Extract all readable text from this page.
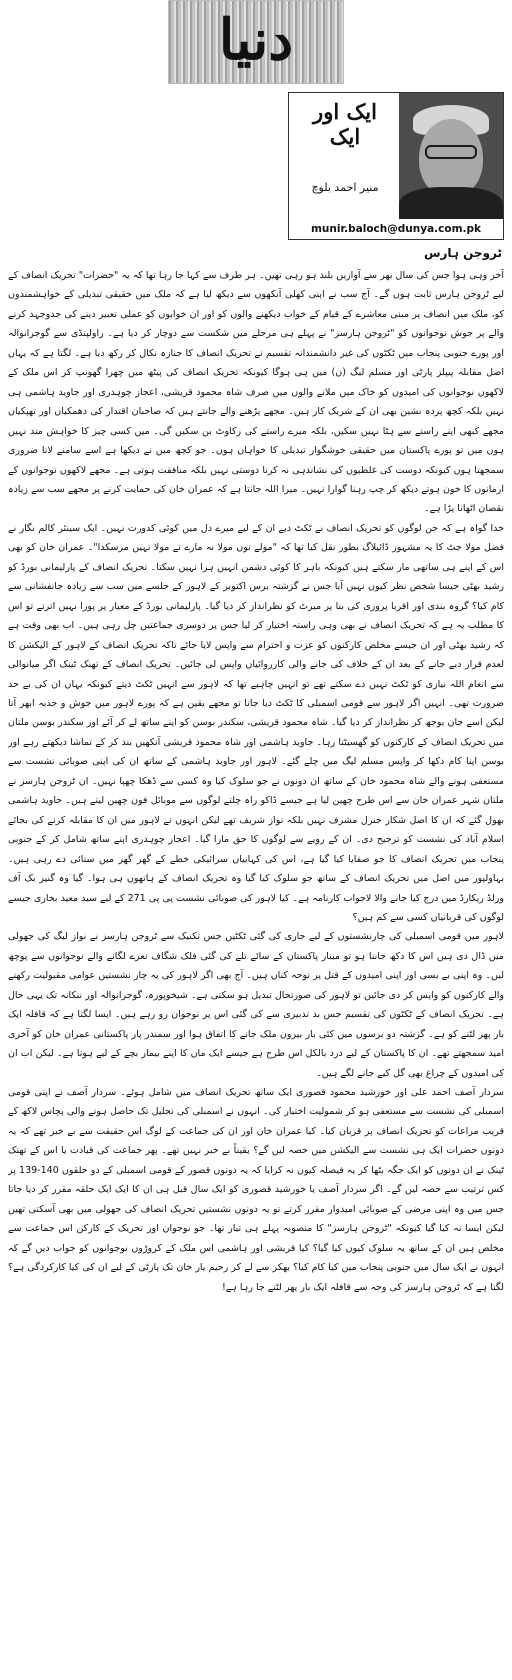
دنیا
ایک اور ایک
منیر احمد بلوچ
munir.baloch@dunya.com.pk
ٹروجن ہارس

آخر وہی ہوا جس کی سال بھر سے آوازیں بلند ہو رہی تھیں۔ ہر طرف سے کہا جا رہا تھا کہ یہ "حضرات" تحریک انصاف کے لیے ٹروجن ہارس ثابت ہوں گے۔ آج سب نے اپنی کھلی آنکھوں سے دیکھ لیا ہے کہ ملک میں حقیقی تبدیلی کے خواہشمندوں کو، ملک میں انصاف پر مبنی معاشرے کے قیام کے خواب دیکھنے والوں کو اور ان خوابوں کو عملی تعبیر دینے کی جدوجہد کرنے والے پر جوش نوجوانوں کو "ٹروجن ہارسز" نے پہلے ہی مرحلے میں شکست سے دوچار کر دیا ہے۔ راولپنڈی سے گوجرانوالہ اور پورے جنوبی پنجاب میں ٹکٹوں کی غیر دانشمندانہ تقسیم نے تحریک انصاف کا جنازہ نکال کر رکھ دیا ہے۔ لگتا ہے کہ یہاں اصل مقابلہ پیپلز پارٹی اور مسلم لیگ (ن) میں ہی ہوگا کیونکہ تحریک انصاف کی پیٹھ میں چھرا گھونپ کر اس ملک کے لاکھوں نوجوانوں کی امیدوں کو خاک میں ملانے والوں میں صرف شاہ محمود قریشی، اعجاز چوہدری اور جاوید ہاشمی ہی نہیں بلکہ کچھ پردہ نشین بھی ان کے شریک کار ہیں۔ مجھے پڑھنے والے جانتے ہیں کہ صاحبان اقتدار کی دھمکیاں اور تھپکیاں مجھے کبھی اپنے راستے سے ہٹا نہیں سکیں، بلکہ میرے راستے کی رکاوٹ بن سکیں گی۔ میں کسی چیز کا خواہش مند نہیں ہوں میں تو پورے پاکستان میں حقیقی خوشگوار تبدیلی کا خواہاں ہوں۔ جو کچھ میں نے دیکھا ہے اسے سامنے لانا ضروری سمجھتا ہوں کیونکہ دوست کی غلطیوں کی نشاندہی نہ کرنا دوستی نہیں بلکہ منافقت ہوتی ہے۔ مجھے لاکھوں نوجوانوں کے ارمانوں کا خون ہوتے دیکھ کر چپ رہنا گوارا نہیں۔ میرا اللہ جانتا ہے کہ عمران خان کی حمایت کرنے پر مجھے سب سے زیادہ نقصان اٹھانا پڑا ہے۔

خدا گواہ ہے کہ جن لوگوں کو تحریک انصاف نے ٹکٹ دیے ان کے لیے میرے دل میں کوئی کدورت نہیں۔ ایک سینئر کالم نگار نے فضل مولا جٹ کا یہ مشہور ڈائیلاگ بطور نقل کیا تھا کہ "مولے نوں مولا نہ مارے تے مولا نہیں مرسکدا"۔ عمران خان کو بھی اس کے اپنے ہی ساتھی مار سکتے ہیں کیونکہ باہر کا کوئی دشمن انہیں ہرا نہیں سکتا۔ تحریک انصاف کے پارلیمانی بورڈ کو رشید بھٹی جیسا شخص نظر کیوں نہیں آیا جس نے گزشتہ برس اکتوبر کے لاہور کے جلسے میں سب سے زیادہ جانفشانی سے کام کیا؟ گروہ بندی اور اقربا پروری کی بنا پر میرٹ کو نظرانداز کر دیا گیا۔ پارلیمانی بورڈ کے معیار پر پورا نہیں اترتے تو اس کا مطلب یہ ہے کہ تحریک انصاف نے بھی وہی راستہ اختیار کر لیا جس پر دوسری جماعتیں چل رہی ہیں۔ اب بھی وقت ہے کہ رشید بھٹی اور ان جیسے مخلص کارکنوں کو عزت و احترام سے واپس لایا جائے تاکہ تحریک انصاف کے لاہور کے الیکشن کا لعدم قرار دیے جانے کے بعد ان کے خلاف کی جانے والی کارروائیاں واپس لی جائیں۔ تحریک انصاف کے تھنک ٹینک اگر میانوالی سے انعام اللہ نیازی کو ٹکٹ نہیں دے سکتے تھے تو انہیں چاہیے تھا کہ لاہور سے انہیں ٹکٹ دیتے کیونکہ یہاں ان کی بے حد ضرورت تھی۔ انہیں اگر لاہور سے قومی اسمبلی کا ٹکٹ دیا جاتا تو مجھے یقین ہے کہ پورے لاہور میں جوش و جذبہ ابھر آتا لیکن اسے جان بوجھ کر نظرانداز کر دیا گیا۔ شاہ محمود قریشی، سکندر بوسن کو اپنے ساتھ لے کر آئے اور سکندر بوسن ملتان میں تحریک انصاف کے کارکنوں کو گھسیٹتا رہا۔ جاوید ہاشمی اور شاہ محمود قریشی آنکھیں بند کر کے تماشا دیکھتے رہے اور بوسن اپنا کام دکھا کر واپس مسلم لیگ میں چلے گئے۔ لاہور اور جاوید ہاشمی کے ساتھ ان کی اپنی صوبائی نشست سے مستعفی ہونے والے شاہ محمود خان کے ساتھ ان دونوں نے جو سلوک کیا وہ کسی سے ڈھکا چھپا نہیں۔ ان ٹروجن ہارسز نے ملتان شہر عمران خان سے اس طرح چھین لیا ہے جیسے ڈاکو راہ چلتے لوگوں سے موبائل فون چھین لیتے ہیں۔ جاوید ہاشمی بھول گئے کہ ان کا اصل شکار جنرل مشرف نہیں بلکہ نواز شریف تھے لیکن انہوں نے لاہور میں ان کا مقابلہ کرنے کی بجائے اسلام آباد کی نشست کو ترجیح دی۔ ان کے رویے سے لوگوں کا حق مارا گیا۔ اعجاز چوہدری اپنے ساتھ شامل کر کے جنوبی پنجاب میں تحریک انصاف کا جو صفایا کیا گیا ہے، اس کی کہانیاں سرائیکی خطے کے گھر گھر میں سنائی دے رہی ہیں۔ بہاولپور میں اصل میں تحریک انصاف کے ساتھ جو سلوک کیا گیا وہ تحریک انصاف کے ہاتھوں ہی ہوا۔ گیا وہ گنیز بک آف ورلڈ ریکارڈ میں درج کیا جانے والا لاجواب کارنامہ ہے۔ کیا لاہور کی صوبائی نشست پی پی 271 کے لیے سید معید بخاری جیسے لوگوں کی قربانیاں کسی سے کم ہیں؟

لاہور میں قومی اسمبلی کی چارنشستوں کے لیے جاری کی گئی ٹکٹیں جس تکنیک سے ٹروجن ہارسز نے نواز لیگ کی جھولی میں ڈال دی ہیں اس کا دکھ جاننا ہو تو مینار پاکستان کے سائے تلے کی گئی فلک شگاف نعرے لگانے والے نوجوانوں سے پوچھ لیں۔ وہ اپنی بے بسی اور اپنی امیدوں کے قتل پر نوحہ کناں ہیں۔ آج بھی اگر لاہور کی یہ چار نشستیں عوامی مقبولیت رکھنے والے کارکنوں کو واپس کر دی جائیں تو لاہور کی صورتحال تبدیل ہو سکتی ہے۔ شیخوپورہ، گوجرانوالہ اور ننکانہ تک یہی حال ہے۔ تحریک انصاف کے ٹکٹوں کی تقسیم جس بد تدبیری سے کی گئی اس پر نوجوان رو رہے ہیں۔ ایسا لگتا ہے کہ قافلہ ایک بار پھر لٹنے کو ہے۔ گزشتہ دو برسوں میں کئی بار بیرون ملک جانے کا اتفاق ہوا اور سمندر پار پاکستانی عمران خان کو آخری امید سمجھتے تھے۔ ان کا پاکستان کے لیے درد بالکل اس طرح ہے جیسے ایک ماں کا اپنے بیمار بچے کے لیے ہوتا ہے۔ لیکن اب ان کی امیدوں کے چراغ بھی گل کیے جانے لگے ہیں۔

سردار آصف احمد علی اور خورشید محمود قصوری ایک ساتھ تحریک انصاف میں شامل ہوئے۔ سردار آصف نے اپنی قومی اسمبلی کی نشست سے مستعفی ہو کر شمولیت اختیار کی۔ انہوں نے اسمبلی کی تحلیل تک حاصل ہونے والی پچاس لاکھ کے قریب مراعات کو تحریک انصاف پر قربان کیا۔ کیا عمران خان اور ان کی جماعت کے لوگ اس حقیقت سے بے خبر تھے کہ یہ دونوں حضرات ایک ہی نشست سے الیکشن میں حصہ لیں گے؟ یقیناً بے خبر نہیں تھے۔ پھر جماعت کی قیادت یا اس کے تھنک ٹینک نے ان دونوں کو ایک جگہ بٹھا کر یہ فیصلہ کیوں نہ کرایا کہ یہ دونوں قصور کے قومی اسمبلی کے دو حلقوں 140-139 پر کس ترتیب سے حصہ لیں گے۔ اگر سردار آصف یا خورشید قصوری کو ایک سال قبل ہی ان کا ایک ایک حلقہ مقرر کر دیا جاتا جس میں وہ اپنی مرضی کے صوبائی امیدوار مقرر کرتے تو یہ دونوں نشستیں تحریک انصاف کی جھولی میں بھی آسکتی تھیں لیکن ایسا نہ کیا گیا کیونکہ "ٹروجن ہارسز" کا منصوبہ پہلے ہی تیار تھا۔ جو نوجوان اور تحریک کے کارکن اس جماعت سے مخلص ہیں ان کے ساتھ یہ سلوک کیوں کیا گیا؟ کیا قریشی اور ہاشمی اس ملک کے کروڑوں نوجوانوں کو جواب دیں گے کہ انہوں نے ایک سال میں جنوبی پنجاب میں کیا کام کیا؟ بھکر سے لے کر رحیم یار خان تک پارٹی کے لیے ان کی کیا کارکردگی ہے؟ لگتا ہے کہ ٹروجن ہارسز کی وجہ سے قافلہ ایک بار پھر لٹنے جا رہا ہے!
